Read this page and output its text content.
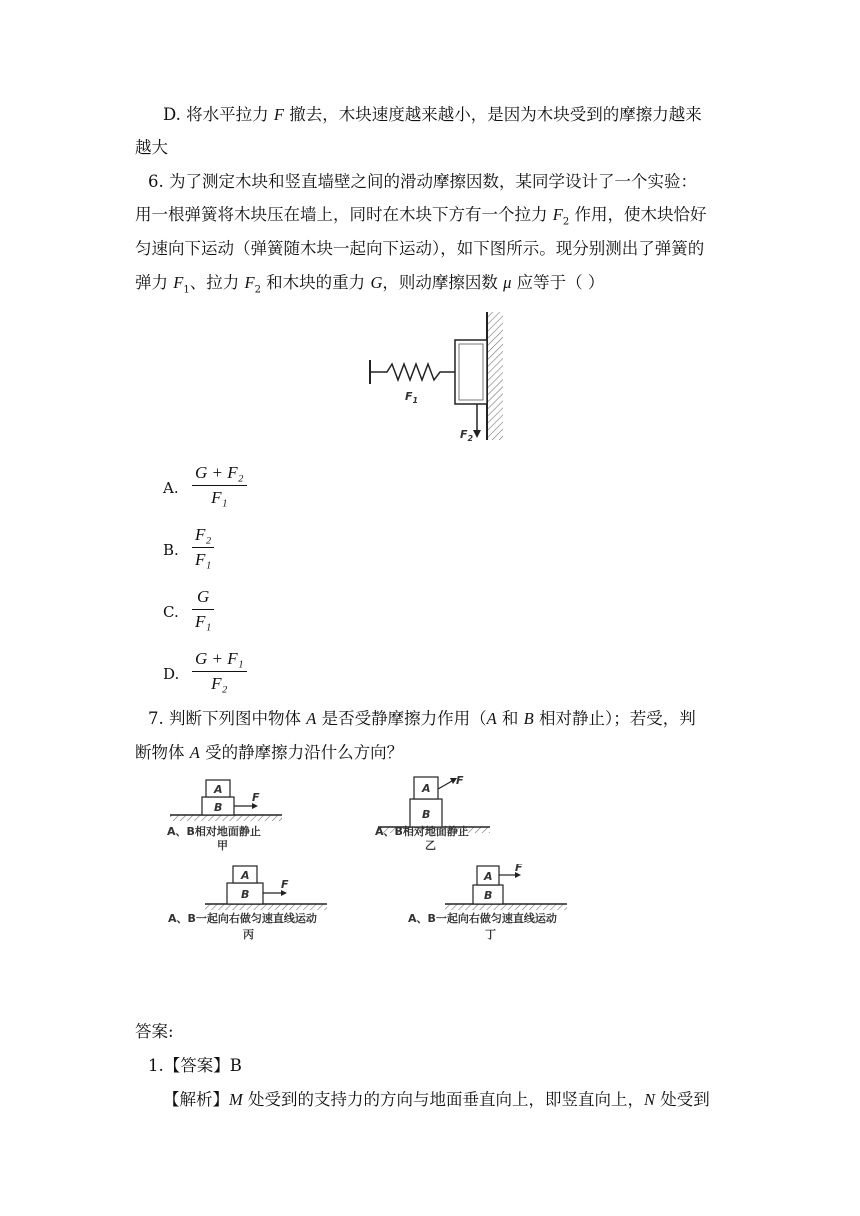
D. 将水平拉力 F 撤去，木块速度越来越小，是因为木块受到的摩擦力越来
越大
6. 为了测定木块和竖直墙壁之间的滑动摩擦因数，某同学设计了一个实验：
用一根弹簧将木块压在墙上，同时在木块下方有一个拉力 $F_2$ 作用，使木块恰好
匀速向下运动（弹簧随木块一起向下运动），如下图所示。现分别测出了弹簧的
弹力 $F_1$、拉力 $F_2$ 和木块的重力 G，则动摩擦因数 μ 应等于（ ）
$F_1$
$F_2$
A.
G + F₂
F₁
B.
F₂
F₁
C.
G
F₁
D.
G + F₁
F₂
7. 判断下列图中物体 A 是否受静摩擦力作用（A 和 B 相对静止）；若受，判
断物体 A 受的静摩擦力沿什么方向？
A
B
F
A、B相对地面静止
甲
A
B
F
A、B相对地面静止
乙
A
B
F
A、B一起向右做匀速直线运动
丙
A
B
F
A、B一起向右做匀速直线运动
丁
答案:
1.【答案】B
【解析】M 处受到的支持力的方向与地面垂直向上，即竖直向上，N 处受到
